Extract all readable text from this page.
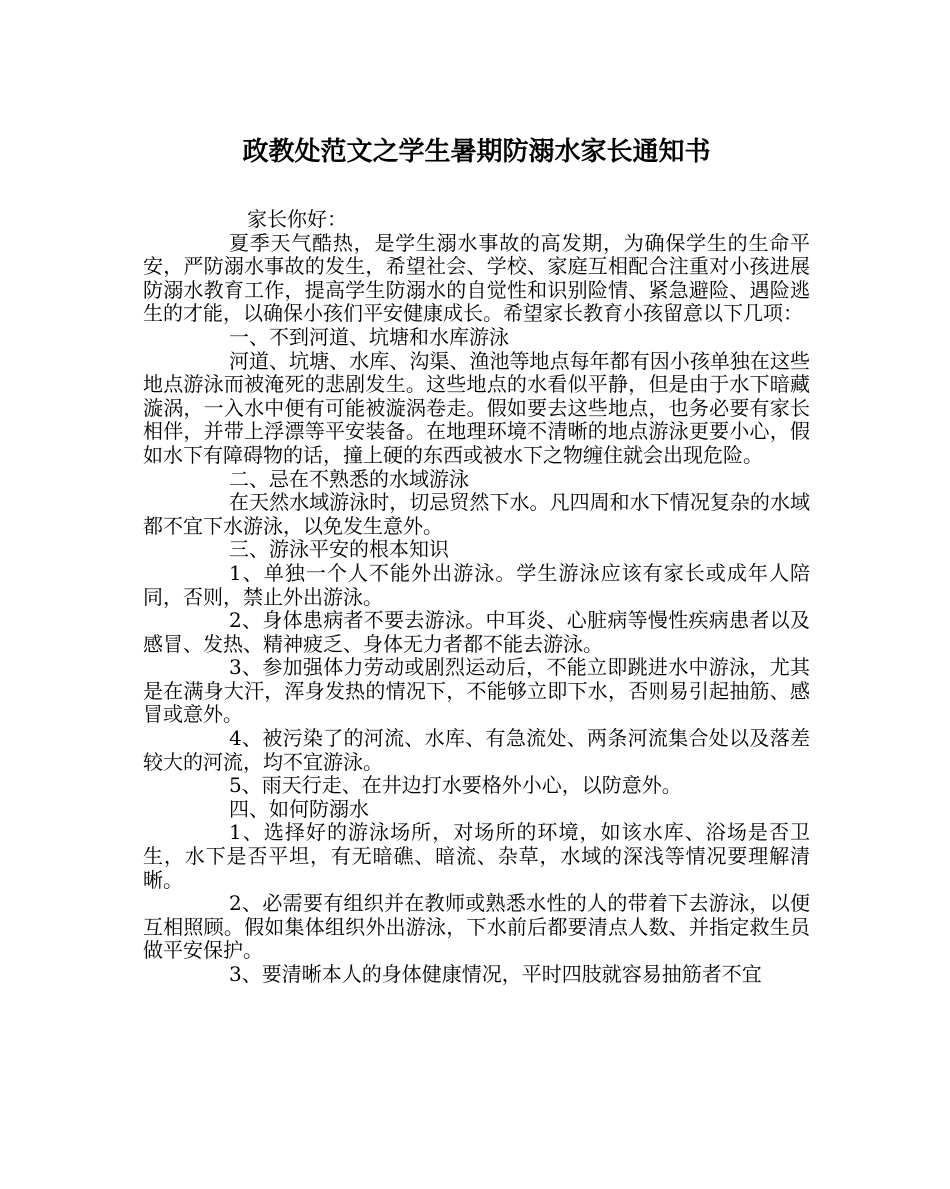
政教处范文之学生暑期防溺水家长通知书

家长你好：

夏季天气酷热，是学生溺水事故的高发期，为确保学生的生命平安，严防溺水事故的发生，希望社会、学校、家庭互相配合注重对小孩进展防溺水教育工作，提高学生防溺水的自觉性和识别险情、紧急避险、遇险逃生的才能，以确保小孩们平安健康成长。希望家长教育小孩留意以下几项：

一、不到河道、坑塘和水库游泳

河道、坑塘、水库、沟渠、渔池等地点每年都有因小孩单独在这些地点游泳而被淹死的悲剧发生。这些地点的水看似平静，但是由于水下暗藏漩涡，一入水中便有可能被漩涡卷走。假如要去这些地点，也务必要有家长相伴，并带上浮漂等平安装备。在地理环境不清晰的地点游泳更要小心，假如水下有障碍物的话，撞上硬的东西或被水下之物缠住就会出现危险。

二、忌在不熟悉的水域游泳

在天然水域游泳时，切忌贸然下水。凡四周和水下情况复杂的水域都不宜下水游泳，以免发生意外。

三、游泳平安的根本知识

1、单独一个人不能外出游泳。学生游泳应该有家长或成年人陪同，否则，禁止外出游泳。

2、身体患病者不要去游泳。中耳炎、心脏病等慢性疾病患者以及感冒、发热、精神疲乏、身体无力者都不能去游泳。

3、参加强体力劳动或剧烈运动后，不能立即跳进水中游泳，尤其是在满身大汗，浑身发热的情况下，不能够立即下水，否则易引起抽筋、感冒或意外。

4、被污染了的河流、水库、有急流处、两条河流集合处以及落差较大的河流，均不宜游泳。

5、雨天行走、在井边打水要格外小心，以防意外。

四、如何防溺水

1、选择好的游泳场所，对场所的环境，如该水库、浴场是否卫生，水下是否平坦，有无暗礁、暗流、杂草，水域的深浅等情况要理解清晰。

2、必需要有组织并在教师或熟悉水性的人的带着下去游泳，以便互相照顾。假如集体组织外出游泳，下水前后都要清点人数、并指定救生员做平安保护。

3、要清晰本人的身体健康情况，平时四肢就容易抽筋者不宜
